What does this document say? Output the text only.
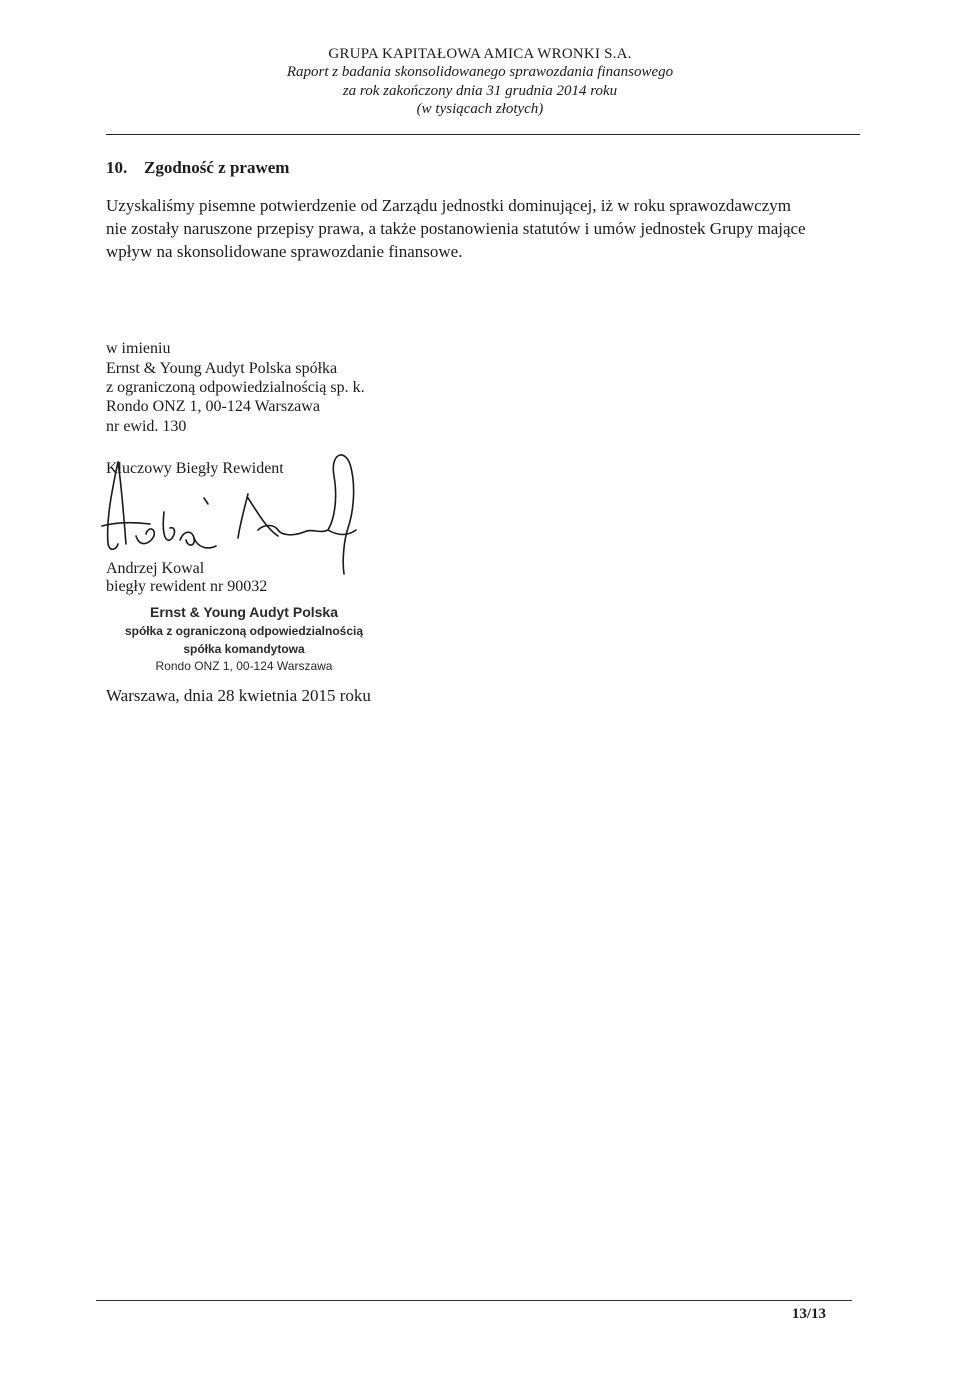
GRUPA KAPITAŁOWA AMICA WRONKI S.A.
Raport z badania skonsolidowanego sprawozdania finansowego
za rok zakończony dnia 31 grudnia 2014 roku
(w tysiącach złotych)
10. Zgodność z prawem
Uzyskaliśmy pisemne potwierdzenie od Zarządu jednostki dominującej, iż w roku sprawozdawczym
nie zostały naruszone przepisy prawa, a także postanowienia statutów i umów jednostek Grupy mające
wpływ na skonsolidowane sprawozdanie finansowe.
w imieniu
Ernst & Young Audyt Polska spółka
z ograniczoną odpowiedzialnością sp. k.
Rondo ONZ 1, 00-124 Warszawa
nr ewid. 130
Kluczowy Biegły Rewident
Andrzej Kowal
biegły rewident nr 90032
Ernst & Young Audyt Polska
spółka z ograniczoną odpowiedzialnością
spółka komandytowa
Rondo ONZ 1, 00-124 Warszawa
Warszawa, dnia 28 kwietnia 2015 roku
13/13
